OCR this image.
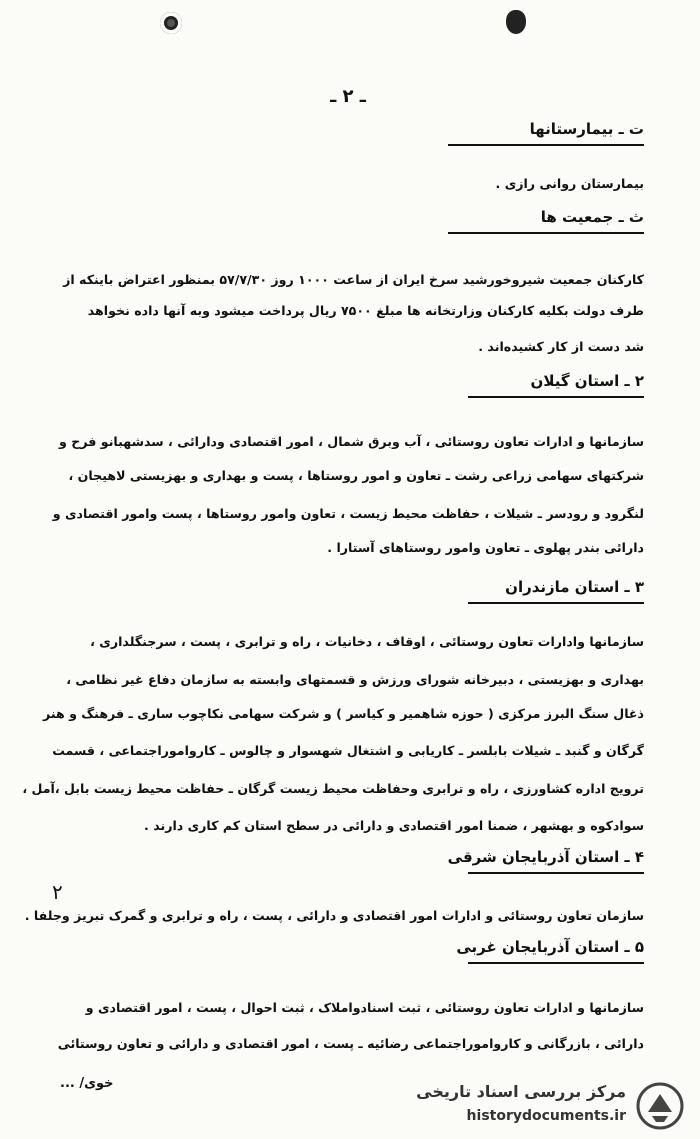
ـ ۲ ـ
ت ـ بیمارستانها
بیمارستان روانی رازی .
ث ـ جمعیت ها
کارکنان جمعیت شیروخورشید سرخ ایران از ساعت ۱۰۰۰ روز ۵۷/۷/۳۰ بمنظور اعتراض باینکه از
طرف دولت بکلیه کارکنان وزارتخانه ها مبلغ ۷۵۰۰ ریال پرداخت میشود وبه آنها داده نخواهد
شد دست از کار کشیده‌اند .
۲ ـ استان گیلان
سازمانها و ادارات تعاون روستائی ، آب وبرق شمال ، امور اقتصادی ودارائی ، سدشهبانو فرح و
شرکتهای سهامی زراعی رشت ـ تعاون و امور روستاها ، پست و بهداری و بهزیستی لاهیجان ،
لنگرود و رودسر ـ شیلات ، حفاظت محیط زیست ، تعاون وامور روستاها ، پست وامور اقتصادی و
دارائی بندر پهلوی ـ تعاون وامور روستاهای آستارا .
۳ ـ استان مازندران
سازمانها وادارات تعاون روستائی ، اوقاف ، دخانیات ، راه و ترابری ، پست ، سرجنگلداری ،
بهداری و بهزیستی ، دبیرخانه شورای ورزش و قسمتهای وابسته به سازمان دفاع غیر نظامی ،
ذغال سنگ البرز مرکزی ( حوزه شاهمیر و کیاسر ) و شرکت سهامی نکاچوب ساری ـ فرهنگ و هنر
گرگان و گنبد ـ شیلات بابلسر ـ کاریابی و اشتغال شهسوار و چالوس ـ کاروامور‌اجتماعی ، قسمت
ترویج اداره کشاورزی ، راه و ترابری وحفاظت محیط زیست گرگان ـ حفاظت محیط زیست بابل ،آمل ،
سوادکوه و بهشهر ، ضمنا امور اقتصادی و دارائی در سطح استان کم کاری دارند .
۴ ـ استان آذربایجان شرقی
سازمان تعاون روستائی و ادارات امور اقتصادی و دارائی ، پست ، راه و ترابری و گمرک تبریز وجلفا .
۵ ـ استان آذربایجان غربی
سازمانها و ادارات تعاون روستائی ، ثبت اسنادواملاک ، ثبت احوال ، پست ، امور اقتصادی و
دارائی ، بازرگانی و کاروامور‌اجتماعی رضائیه ـ پست ، امور اقتصادی و دارائی و تعاون روستائی
خوی/ ...
۲
مرکز بررسی اسناد تاریخی
historydocuments.ir
